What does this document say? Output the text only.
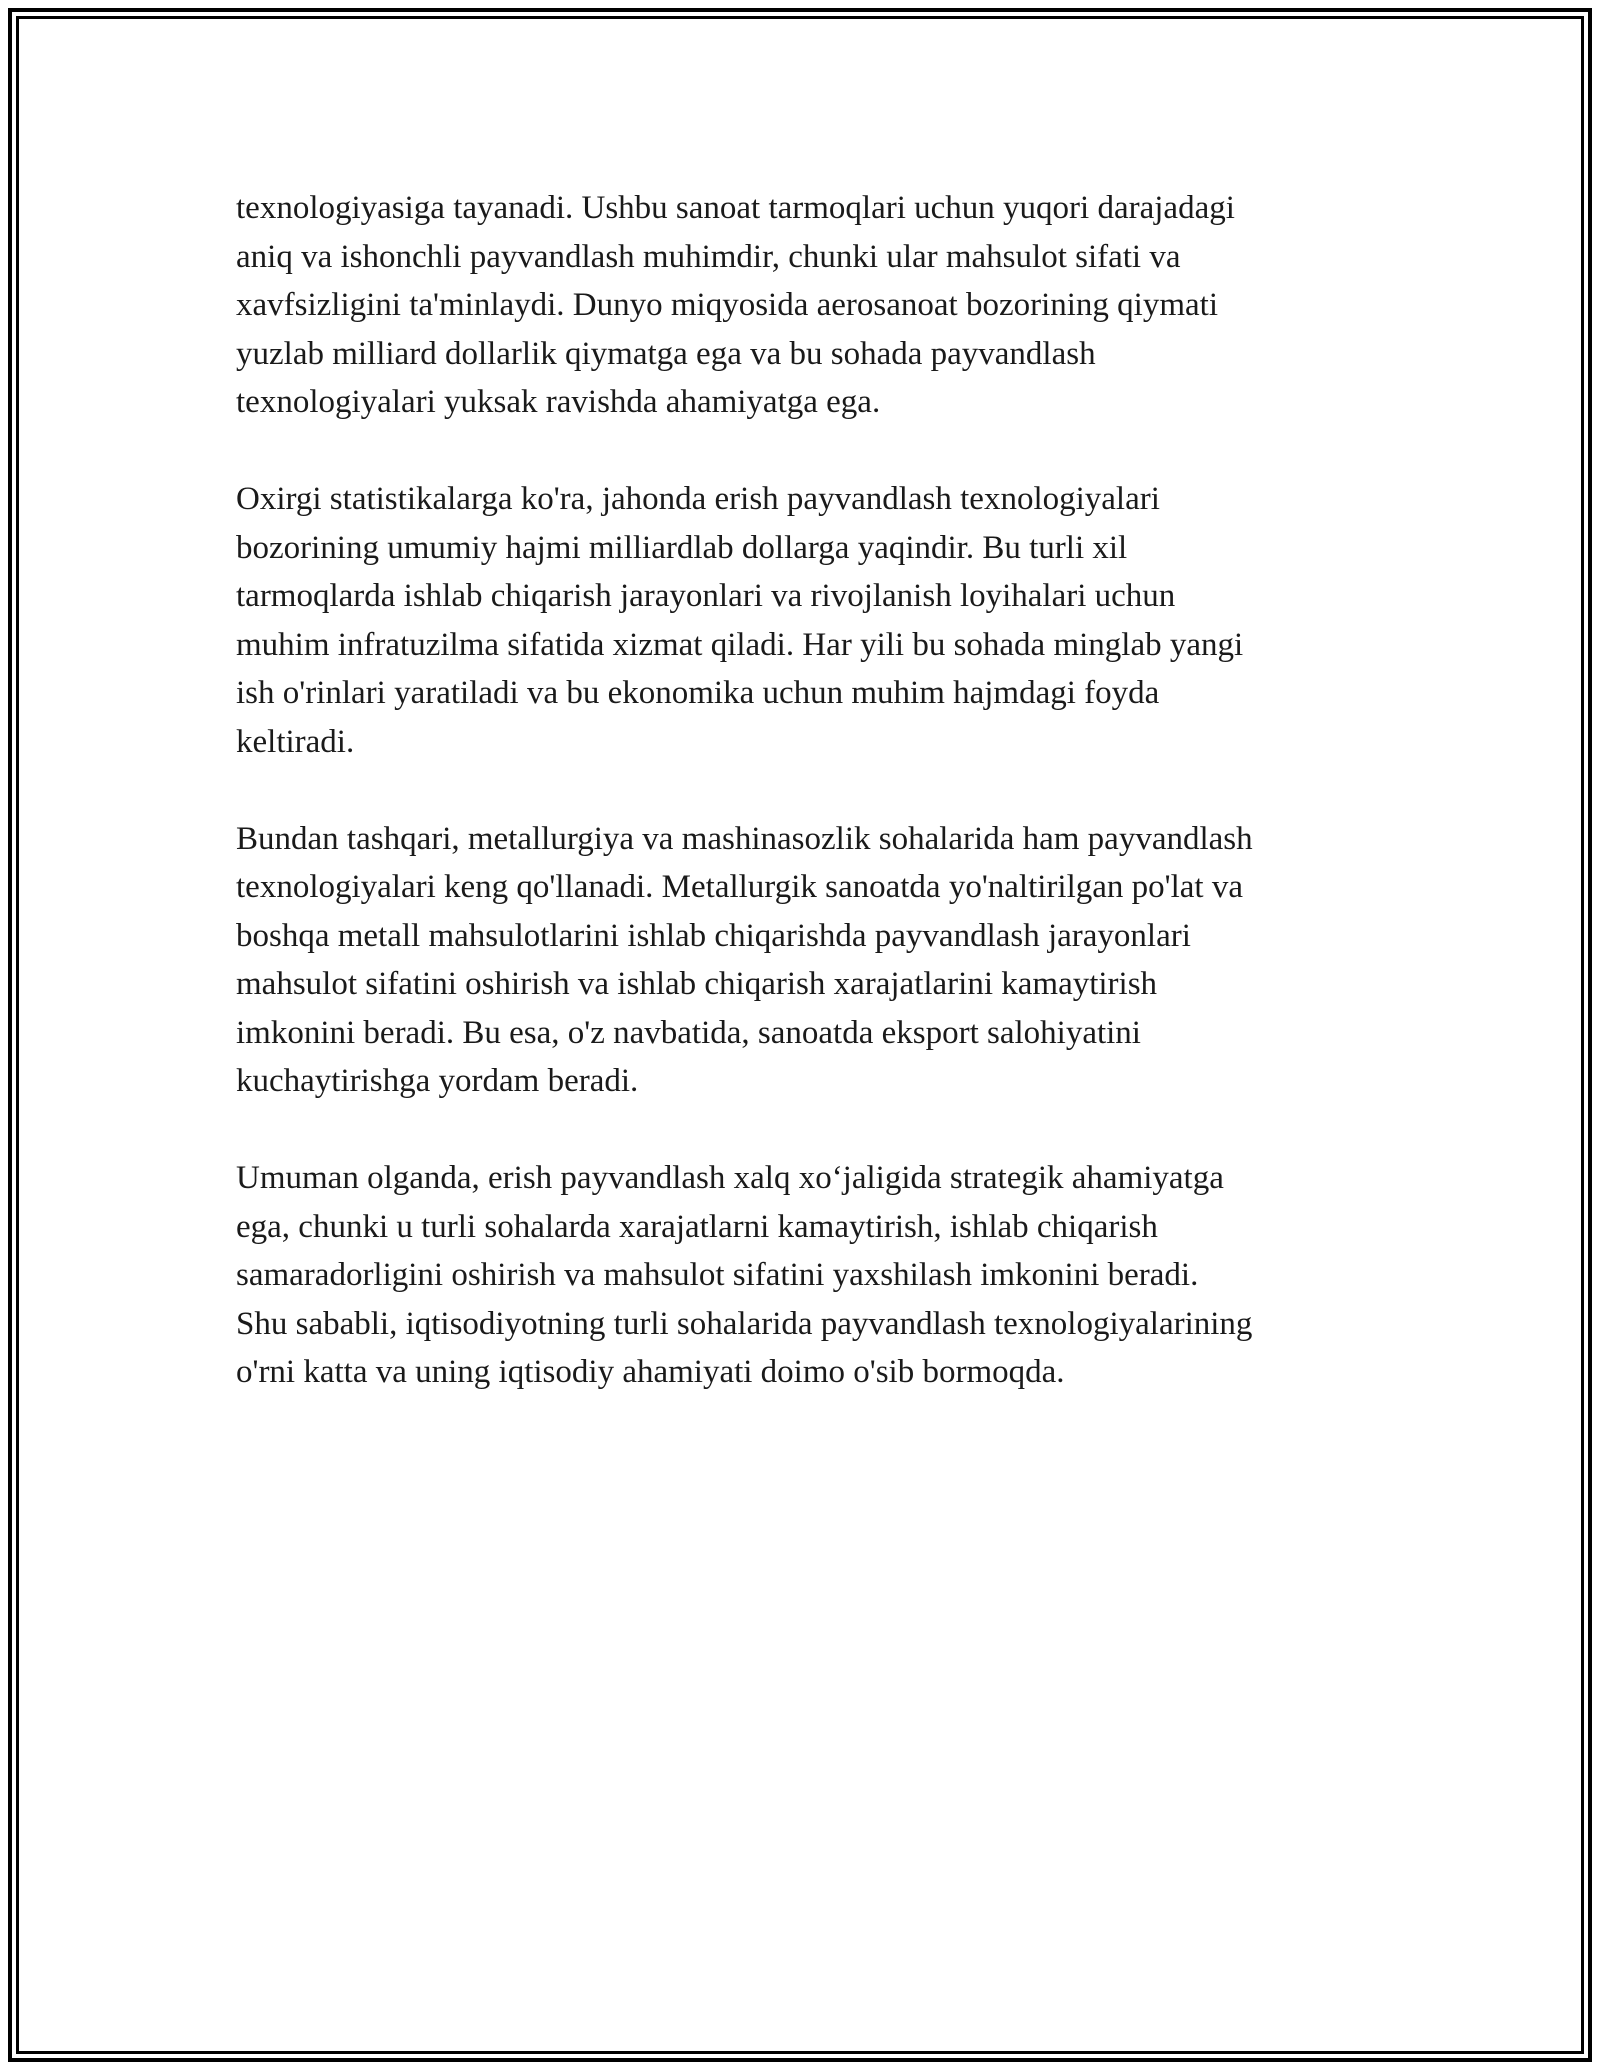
texnologiyasiga tayanadi. Ushbu sanoat tarmoqlari uchun yuqori darajadagi
aniq va ishonchli payvandlash muhimdir, chunki ular mahsulot sifati va
xavfsizligini ta'minlaydi. Dunyo miqyosida aerosanoat bozorining qiymati
yuzlab milliard dollarlik qiymatga ega va bu sohada payvandlash
texnologiyalari yuksak ravishda ahamiyatga ega.

Oxirgi statistikalarga ko'ra, jahonda erish payvandlash texnologiyalari
bozorining umumiy hajmi milliardlab dollarga yaqindir. Bu turli xil
tarmoqlarda ishlab chiqarish jarayonlari va rivojlanish loyihalari uchun
muhim infratuzilma sifatida xizmat qiladi. Har yili bu sohada minglab yangi
ish o'rinlari yaratiladi va bu ekonomika uchun muhim hajmdagi foyda
keltiradi.

Bundan tashqari, metallurgiya va mashinasozlik sohalarida ham payvandlash
texnologiyalari keng qo'llanadi. Metallurgik sanoatda yo'naltirilgan po'lat va
boshqa metall mahsulotlarini ishlab chiqarishda payvandlash jarayonlari
mahsulot sifatini oshirish va ishlab chiqarish xarajatlarini kamaytirish
imkonini beradi. Bu esa, o'z navbatida, sanoatda eksport salohiyatini
kuchaytirishga yordam beradi.

Umuman olganda, erish payvandlash xalq xo‘jaligida strategik ahamiyatga
ega, chunki u turli sohalarda xarajatlarni kamaytirish, ishlab chiqarish
samaradorligini oshirish va mahsulot sifatini yaxshilash imkonini beradi.
Shu sababli, iqtisodiyotning turli sohalarida payvandlash texnologiyalarining
o'rni katta va uning iqtisodiy ahamiyati doimo o'sib bormoqda.
